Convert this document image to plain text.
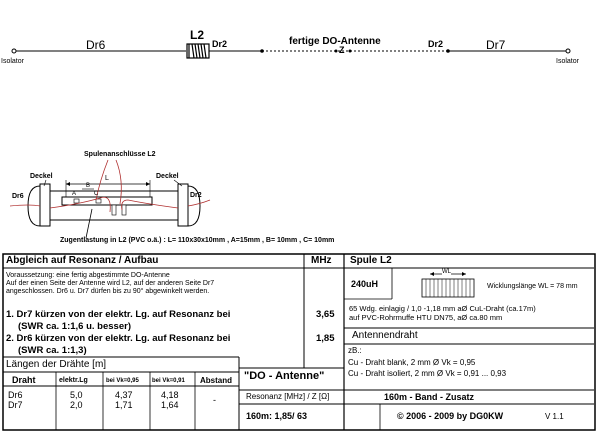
Isolator	Isolator
Dr6
L2
Dr2	fertige DO-Antenne
Z
Dr2	Dr7
Spulenanschlüsse L2
Deckel	Deckel
Dr6	Dr2
L
B
A	C
Zugentlastung in L2 (PVC o.ä.) : L= 110x30x10mm , A=15mm , B= 10mm , C= 10mm
Abgleich auf Resonanz / Aufbau	MHz
Voraussetzung: eine fertig abgestimmte DO-Antenne
Auf der einen Seite der Antenne wird L2, auf der anderen Seite Dr7
angeschlossen. Dr6 u. Dr7 dürfen bis zu 90° abgewinkelt werden.
1. Dr7 kürzen von der elektr. Lg. auf Resonanz bei
(SWR ca. 1:1,6 u. besser)
3,65
2. Dr6 kürzen von der elektr. Lg. auf Resonanz bei
(SWR ca. 1:1,3)
1,85
Längen der Drähte [m]
Draht	elektr.Lg	bei Vk=0,95 bei Vk=0,91 Abstand
Dr6	5,0	4,37	4,18	-
Dr7	2,0	1,71	1,64
"DO - Antenne"
Resonanz [MHz] / Z [Ω]
160m: 1,85/ 63
Spule L2
240uH
WL
Wicklungslänge WL = 78 mm
65 Wdg. einlagig / 1,0 -1,18 mm aØ CuL-Draht (ca.17m)
auf PVC-Rohrmuffe HTU DN75, aØ ca.80 mm
Antennendraht
zB.:
Cu - Draht blank, 2 mm Ø Vk = 0,95
Cu - Draht isoliert, 2 mm Ø Vk = 0,91 ... 0,93
160m - Band - Zusatz
© 2006 - 2009 by DG0KW	V 1.1
